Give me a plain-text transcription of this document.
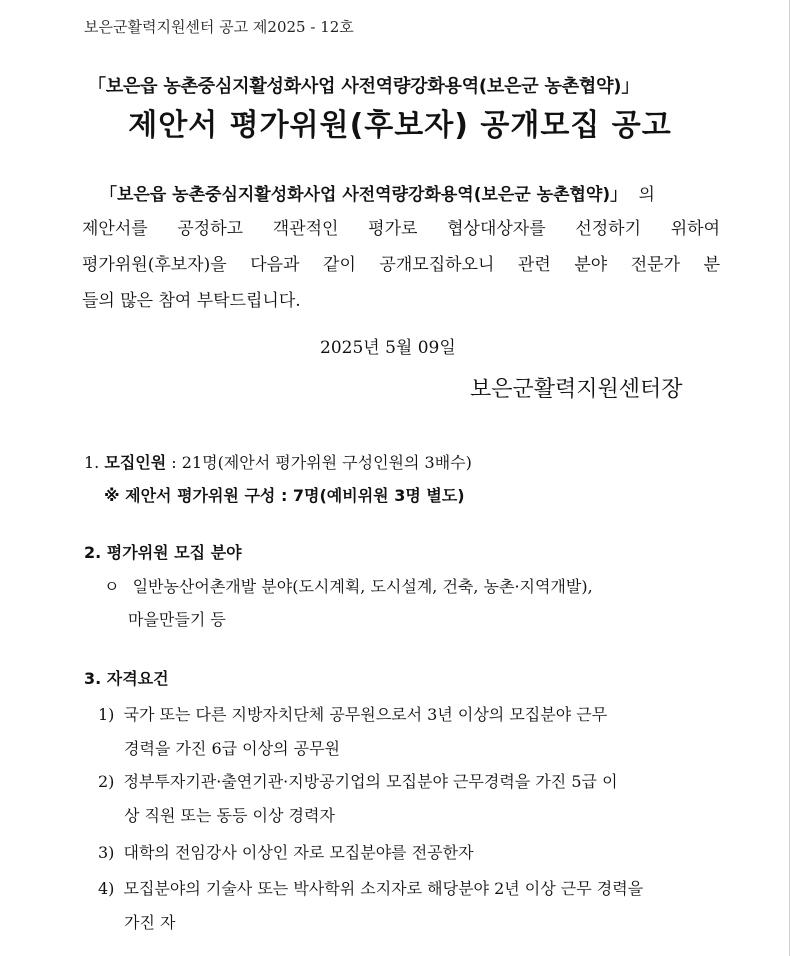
보은군활력지원센터 공고 제2025 - 12호
「보은읍 농촌중심지활성화사업 사전역량강화용역(보은군 농촌협약)」
제안서 평가위원(후보자) 공개모집 공고
「보은읍 농촌중심지활성화사업 사전역량강화용역(보은군 농촌협약)」 의
제안서를 공정하고 객관적인 평가로 협상대상자를 선정하기 위하여
평가위원(후보자)을 다음과 같이 공개모집하오니 관련 분야 전문가 분
들의 많은 참여 부탁드립니다.
2025년 5월 09일
보은군활력지원센터장
1. 모집인원 : 21명(제안서 평가위원 구성인원의 3배수)
※ 제안서 평가위원 구성 : 7명(예비위원 3명 별도)
2. 평가위원 모집 분야
ㅇ 일반농산어촌개발 분야(도시계획, 도시설계, 건축, 농촌·지역개발),
마을만들기 등
3. 자격요건
1) 국가 또는 다른 지방자치단체 공무원으로서 3년 이상의 모집분야 근무
경력을 가진 6급 이상의 공무원
2) 정부투자기관·출연기관·지방공기업의 모집분야 근무경력을 가진 5급 이
상 직원 또는 동등 이상 경력자
3) 대학의 전임강사 이상인 자로 모집분야를 전공한자
4) 모집분야의 기술사 또는 박사학위 소지자로 해당분야 2년 이상 근무 경력을
가진 자
